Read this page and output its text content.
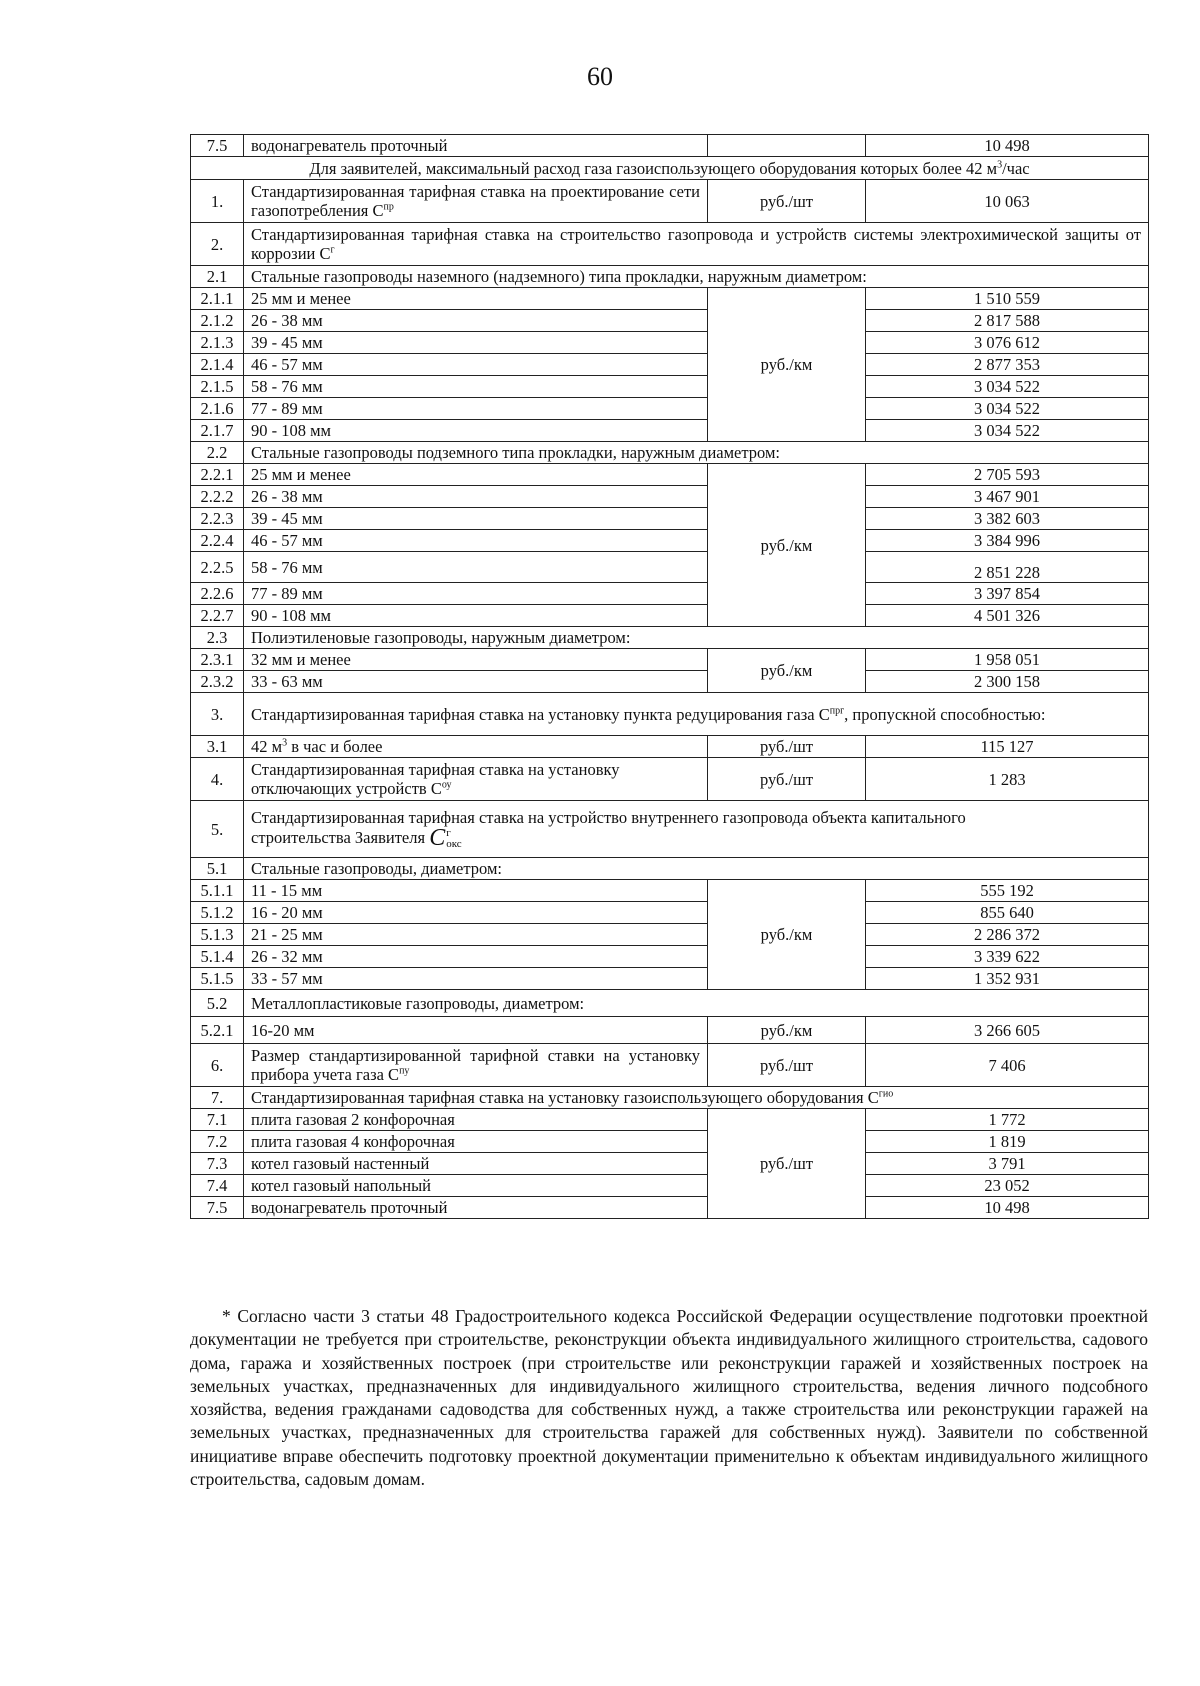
60
7.5	водонагреватель проточный		10 498
Для заявителей, максимальный расход газа газоиспользующего оборудования которых более 42 $м^3$/час			
1.	Стандартизированная тарифная ставка на проектирование сети газопотребления $С^{пр}$	руб./шт	10 063
2.	Стандартизированная тарифная ставка на строительство газопровода и устройств системы электрохимической защиты от коррозии $С^г$
2.1	Стальные газопроводы наземного (надземного) типа прокладки, наружным диаметром:		
2.1.1	25 мм и менее	руб./км	1 510 559
2.1.2	26 - 38 мм		2 817 588
2.1.3	39 - 45 мм		3 076 612
2.1.4	46 - 57 мм		2 877 353
2.1.5	58 - 76 мм		3 034 522
2.1.6	77 - 89 мм		3 034 522
2.1.7	90 - 108 мм		3 034 522
2.2	Стальные газопроводы подземного типа прокладки, наружным диаметром:		
2.2.1	25 мм и менее	руб./км	2 705 593
2.2.2	26 - 38 мм		3 467 901
2.2.3	39 - 45 мм		3 382 603
2.2.4	46 - 57 мм		3 384 996
2.2.5	58 - 76 мм		2 851 228
2.2.6	77 - 89 мм		3 397 854
2.2.7	90 - 108 мм		4 501 326
2.3	Полиэтиленовые газопроводы, наружным диаметром:		
2.3.1	32 мм и менее	руб./км	1 958 051
2.3.2	33 - 63 мм		2 300 158
3.	Стандартизированная тарифная ставка на установку пункта редуцирования газа $С^{прг}$, пропускной способностью:		
3.1	42 $м^3$ в час и более	руб./шт	115 127
4.	Стандартизированная тарифная ставка на установку отключающих устройств $С^{оу}$	руб./шт	1 283
5.	Стандартизированная тарифная ставка на устройство внутреннего газопровода объекта капитального
строительства Заявителя Cг
окс		

5.1	Стальные газопроводы, диаметром:		
5.1.1	11 - 15 мм	руб./км	555 192
5.1.2	16 - 20 мм		855 640
5.1.3	21 - 25 мм		2 286 372
5.1.4	26 - 32 мм		3 339 622
5.1.5	33 - 57 мм		1 352 931
5.2	Металлопластиковые газопроводы, диаметром:		
5.2.1	16-20 мм	руб./км	3 266 605
6.	Размер стандартизированной тарифной ставки на установку прибора учета газа $С^{пу}$	руб./шт	7 406
7.	Стандартизированная тарифная ставка на установку газоиспользующего оборудования $С^{гио}$
7.1	плита газовая 2 конфорочная	руб./шт	1 772
7.2	плита газовая 4 конфорочная		1 819
7.3	котел газовый настенный		3 791
7.4	котел газовый напольный		23 052
7.5	водонагреватель проточный		10 498

* Согласно части 3 статьи 48 Градостроительного кодекса Российской Федерации осуществление подготовки проектной документации не требуется при строительстве, реконструкции объекта индивидуального жилищного строительства, садового дома, гаража и хозяйственных построек (при строительстве или реконструкции гаражей и хозяйственных построек на земельных участках, предназначенных для индивидуального жилищного строительства, ведения личного подсобного хозяйства, ведения гражданами садоводства для собственных нужд, а также строительства или реконструкции гаражей на земельных участках, предназначенных для строительства гаражей для собственных нужд). Заявители по собственной инициативе вправе обеспечить подготовку проектной документации применительно к объектам индивидуального жилищного строительства, садовым домам.
